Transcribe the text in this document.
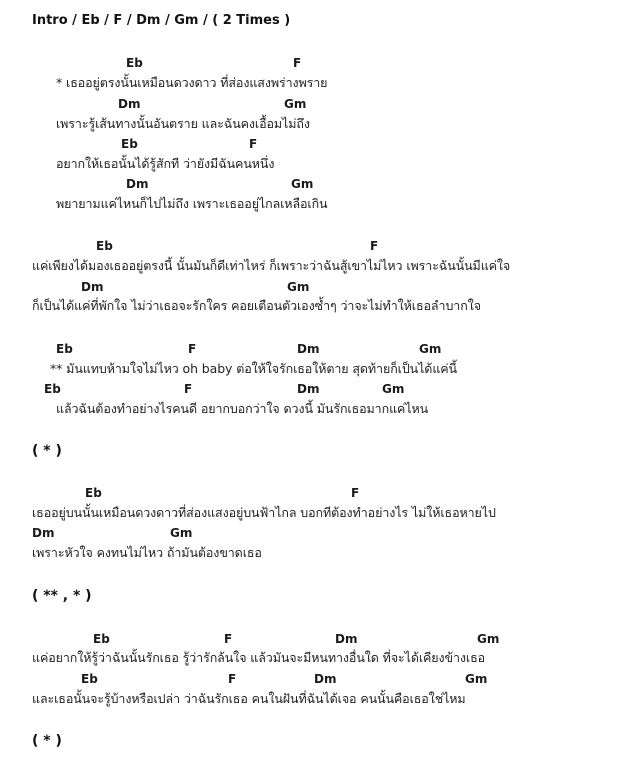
Intro / Eb / F / Dm / Gm / ( 2 Times )
Eb	F
* เธออยู่ตรงนั้นเหมือนดวงดาว ที่ส่องแสงพร่างพราย
Dm	Gm
เพราะรู้เส้นทางนั้นอันตราย และฉันคงเอื้อมไม่ถึง
Eb	F
อยากให้เธอนั้นได้รู้สักที ว่ายังมีฉันคนหนึ่ง
Dm	Gm
พยายามแค่ไหนก็ไปไม่ถึง เพราะเธออยู่ไกลเหลือเกิน
Eb	F
แค่เพียงได้มองเธออยู่ตรงนี้ นั้นมันก็ดีเท่าไหร่ ก็เพราะว่าฉันสู้เขาไม่ไหว เพราะฉันนั้นมีแค่ใจ
Dm	Gm
ก็เป็นได้แค่ที่พักใจ ไม่ว่าเธอจะรักใคร คอยเตือนตัวเองซ้ำๆ ว่าจะไม่ทำให้เธอลำบากใจ
Eb	F	Dm	Gm
** มันแทบห้ามใจไม่ไหว oh baby ต่อให้ใจรักเธอให้ตาย สุดท้ายก็เป็นได้แค่นี้
Eb	F	Dm	Gm
แล้วฉันต้องทำอย่างไรคนดี อยากบอกว่าใจ ดวงนี้ มันรักเธอมากแค่ไหน
( * )
Eb	F
เธออยู่บนนั้นเหมือนดวงดาวที่ส่องแสงอยู่บนฟ้าไกล บอกทีต้องทำอย่างไร ไม่ให้เธอหายไป
Dm	Gm
เพราะหัวใจ คงทนไม่ไหว ถ้ามันต้องขาดเธอ
( ** , * )
Eb	F	Dm	Gm
แค่อยากให้รู้ว่าฉันนั้นรักเธอ รู้ว่ารักล้นใจ แล้วมันจะมีหนทางอื่นใด ที่จะได้เคียงข้างเธอ
Eb	F	Dm	Gm
และเธอนั้นจะรู้บ้างหรือเปล่า ว่าฉันรักเธอ คนในฝันที่ฉันได้เจอ คนนั้นคือเธอใช่ไหม
( * )
